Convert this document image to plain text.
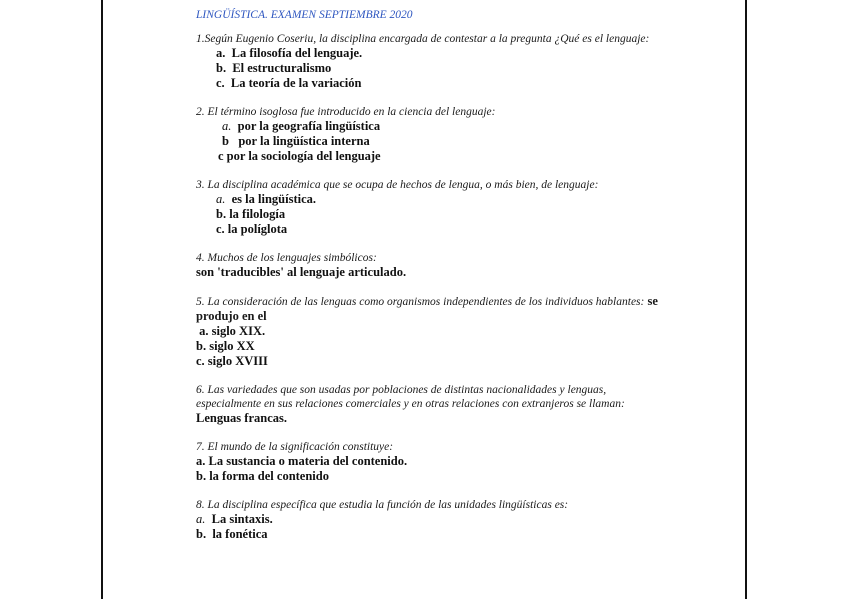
LINGÜÍSTICA. EXAMEN SEPTIEMBRE 2020
1.Según Eugenio Coseriu, la disciplina encargada de contestar a la pregunta ¿Qué es el lenguaje:
a.  La filosofía del lenguaje.
b.  El estructuralismo
c.  La teoría de la variación
2. El término isoglosa fue introducido en la ciencia del lenguaje:
a.  por la geografía lingüística
b   por la lingüística interna
c por la sociología del lenguaje
3. La disciplina académica que se ocupa de hechos de lengua, o más bien, de lenguaje:
a.  es la lingüística.
b. la filología
c. la políglota
4. Muchos de los lenguajes simbólicos:
son 'traducibles' al lenguaje articulado.
5. La consideración de las lenguas como organismos independientes de los individuos hablantes: se produjo en el
a. siglo XIX.
b. siglo XX
c. siglo XVIII
6. Las variedades que son usadas por poblaciones de distintas nacionalidades y lenguas, especialmente en sus relaciones comerciales y en otras relaciones con extranjeros se llaman:
Lenguas francas.
7. El mundo de la significación constituye:
a. La sustancia o materia del contenido.
b. la forma del contenido
8. La disciplina específica que estudia la función de las unidades lingüísticas es:
a.  La sintaxis.
b.  la fonética
